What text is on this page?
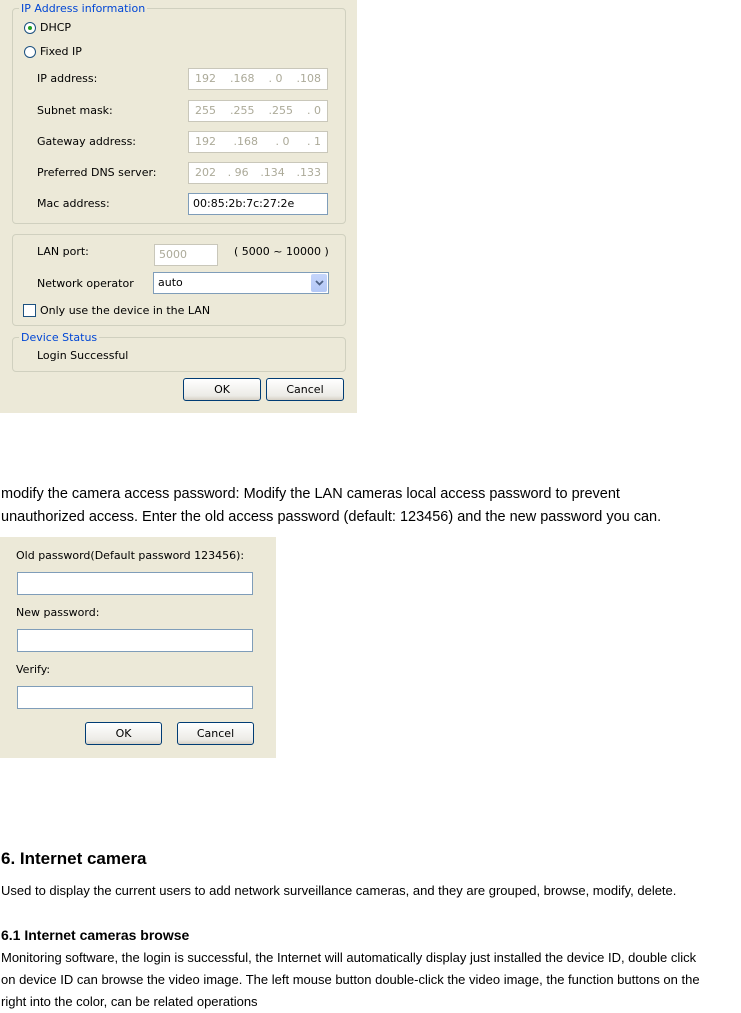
IP Address information
DHCP
Fixed IP
IP address:	192 .168 . 0 .108
Subnet mask:	255 .255 .255 . 0
Gateway address:	192 .168 . 0 . 1
Preferred DNS server:	202 . 96 .134 .133
Mac address:	00:85:2b:7c:27:2e
LAN port:	5000	( 5000 ~ 10000 )
Network operator	auto
Only use the device in the LAN
Device Status
Login Successful
OK	Cancel
modify the camera access password: Modify the LAN cameras local access password to prevent
unauthorized access. Enter the old access password (default: 123456) and the new password you can.
Old password(Default password 123456):
New password:
Verify:
OK	Cancel
6. Internet camera
Used to display the current users to add network surveillance cameras, and they are grouped, browse, modify, delete.
6.1 Internet cameras browse
Monitoring software, the login is successful, the Internet will automatically display just installed the device ID, double click
on device ID can browse the video image. The left mouse button double-click the video image, the function buttons on the
right into the color, can be related operations
